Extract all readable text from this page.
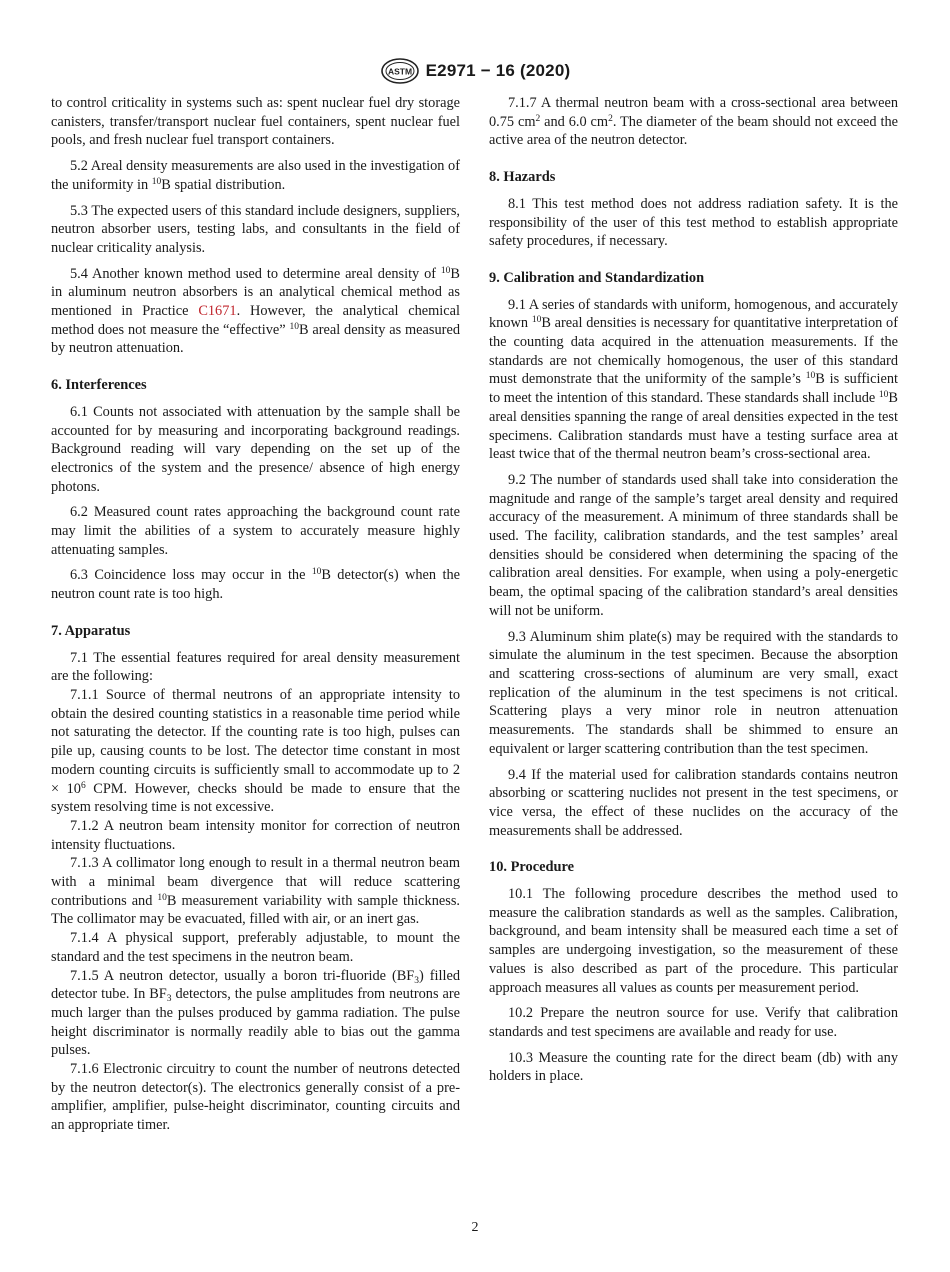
ASTM E2971 − 16 (2020)

to control criticality in systems such as: spent nuclear fuel dry storage canisters, transfer/transport nuclear fuel containers, spent nuclear fuel pools, and fresh nuclear fuel transport containers.

5.2 Areal density measurements are also used in the investigation of the uniformity in $^{10}$B spatial distribution.

5.3 The expected users of this standard include designers, suppliers, neutron absorber users, testing labs, and consultants in the field of nuclear criticality analysis.

5.4 Another known method used to determine areal density of $^{10}$B in aluminum neutron absorbers is an analytical chemical method as mentioned in Practice C1671. However, the analytical chemical method does not measure the “effective” $^{10}$B areal density as measured by neutron attenuation.

6. Interferences

6.1 Counts not associated with attenuation by the sample shall be accounted for by measuring and incorporating background readings. Background reading will vary depending on the set up of the electronics of the system and the presence/ absence of high energy photons.

6.2 Measured count rates approaching the background count rate may limit the abilities of a system to accurately measure highly attenuating samples.

6.3 Coincidence loss may occur in the $^{10}$B detector(s) when the neutron count rate is too high.

7. Apparatus

7.1 The essential features required for areal density measurement are the following:

7.1.1 Source of thermal neutrons of an appropriate intensity to obtain the desired counting statistics in a reasonable time period while not saturating the detector. If the counting rate is too high, pulses can pile up, causing counts to be lost. The detector time constant in most modern counting circuits is sufficiently small to accommodate up to $2 \times 10^6$ CPM. However, checks should be made to ensure that the system resolving time is not excessive.

7.1.2 A neutron beam intensity monitor for correction of neutron intensity fluctuations.

7.1.3 A collimator long enough to result in a thermal neutron beam with a minimal beam divergence that will reduce scattering contributions and $^{10}$B measurement variability with sample thickness. The collimator may be evacuated, filled with air, or an inert gas.

7.1.4 A physical support, preferably adjustable, to mount the standard and the test specimens in the neutron beam.

7.1.5 A neutron detector, usually a boron tri-fluoride $(BF_3)$ filled detector tube. In $BF_3$ detectors, the pulse amplitudes from neutrons are much larger than the pulses produced by gamma radiation. The pulse height discriminator is normally readily able to bias out the gamma pulses.

7.1.6 Electronic circuitry to count the number of neutrons detected by the neutron detector(s). The electronics generally consist of a pre-amplifier, amplifier, pulse-height discriminator, counting circuits and an appropriate timer.

7.1.7 A thermal neutron beam with a cross-sectional area between 0.75 $cm^2$ and 6.0 $cm^2$. The diameter of the beam should not exceed the active area of the neutron detector.

8. Hazards

8.1 This test method does not address radiation safety. It is the responsibility of the user of this test method to establish appropriate safety procedures, if necessary.

9. Calibration and Standardization

9.1 A series of standards with uniform, homogenous, and accurately known $^{10}$B areal densities is necessary for quantitative interpretation of the counting data acquired in the attenuation measurements. If the standards are not chemically homogenous, the user of this standard must demonstrate that the uniformity of the sample’s $^{10}$B is sufficient to meet the intention of this standard. These standards shall include $^{10}$B areal densities spanning the range of areal densities expected in the test specimens. Calibration standards must have a testing surface area at least twice that of the thermal neutron beam’s cross-sectional area.

9.2 The number of standards used shall take into consideration the magnitude and range of the sample’s target areal density and required accuracy of the measurement. A minimum of three standards shall be used. The facility, calibration standards, and the test samples’ areal densities should be considered when determining the spacing of the calibration areal densities. For example, when using a poly-energetic beam, the optimal spacing of the calibration standard’s areal densities will not be uniform.

9.3 Aluminum shim plate(s) may be required with the standards to simulate the aluminum in the test specimen. Because the absorption and scattering cross-sections of aluminum are very small, exact replication of the aluminum in the test specimens is not critical. Scattering plays a very minor role in neutron attenuation measurements. The standards shall be shimmed to ensure an equivalent or larger scattering contribution than the test specimen.

9.4 If the material used for calibration standards contains neutron absorbing or scattering nuclides not present in the test specimens, or vice versa, the effect of these nuclides on the accuracy of the measurements shall be addressed.

10. Procedure

10.1 The following procedure describes the method used to measure the calibration standards as well as the samples. Calibration, background, and beam intensity shall be measured each time a set of samples are undergoing investigation, so the measurement of these values is also described as part of the procedure. This particular approach measures all values as counts per measurement period.

10.2 Prepare the neutron source for use. Verify that calibration standards and test specimens are available and ready for use.

10.3 Measure the counting rate for the direct beam (db) with any holders in place.

2
